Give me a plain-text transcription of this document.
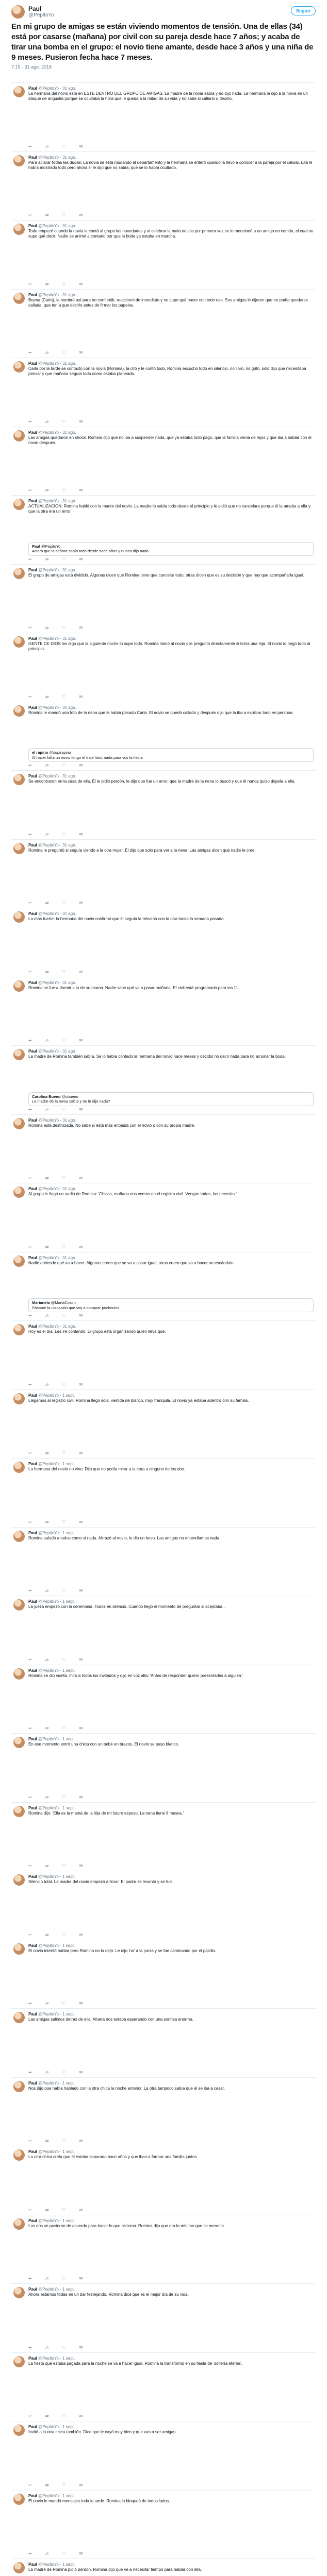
Paul
@PepitoYo
Seguir
En mi grupo de amigas se están viviendo momentos de tensión. Una de ellas (34) está por casarse (mañana) por civil con su pareja desde hace 7 años; y acaba de tirar una bomba en el grupo: el novio tiene amante, desde hace 3 años y una niña de 9 meses. Pusieron fecha hace 7 meses.
7:15 - 31 ago. 2018
Paul @PepitoYo · 31 ago.
La hermana del novio está en ESTE DENTRO DEL GRUPO DE AMIGAS. La madre de la novia sabía y no dijo nada. La hermana le dijo a la novia en un ataque de angustia porque se ocultaba la hora que le queda a la mitad de su vida y no sabe si callarlo o decirlo.
↩	⇄	♡	✉
Paul @PepitoYo · 31 ago.
Para aclarar todas las dudas: La novia se está mudando al departamento y la hermana se enteró cuando la llevó a conocer a la pareja por el celular. Ella le había mostrado todo pero ahora sí le dijo que no sabía, que se lo había ocultado.
↩	⇄	♡	✉
Paul @PepitoYo · 31 ago.
Todo empezó cuando la novia le contó al grupo las novedades y al celebrar la mala noticia por primera vez se lo mencionó a un amigo en común, el cual no supo qué decir. Nadie se animó a contarlo por que la boda ya estaba en marcha.
↩	⇄	♡	✉
Paul @PepitoYo · 31 ago.
Buena (Carla), la nombré así para no confundir, reaccionó de inmediato y no supo qué hacer con todo eso. Sus amigas le dijeron que no podía quedarse callada, que tenía que decirlo antes de firmar los papeles.
↩	⇄	♡	✉
Paul @PepitoYo · 31 ago.
Carla por la tarde se contactó con la novia (Romina), la citó y le contó todo. Romina escuchó todo en silencio, no lloró, no gritó, solo dijo que necesitaba pensar y que mañana seguía todo como estaba planeado.
↩	⇄	♡	✉
Paul @PepitoYo · 31 ago.
Las amigas quedaron en shock. Romina dijo que no iba a suspender nada, que ya estaba todo pago, que la familia venía de lejos y que iba a hablar con el novio después.
↩	⇄	♡	✉
Paul @PepitoYo · 31 ago.
ACTUALIZACIÓN: Romina habló con la madre del novio. La madre lo sabía todo desde el principio y le pidió que no cancelara porque él la amaba a ella y que la otra era un error.
Paul @PepitoYo
Aclaro que la señora sabía todo desde hace años y nunca dijo nada.
↩	⇄	♡	✉
Paul @PepitoYo · 31 ago.
El grupo de amigas está dividido. Algunas dicen que Romina tiene que cancelar todo, otras dicen que es su decisión y que hay que acompañarla igual.
↩	⇄	♡	✉
Paul @PepitoYo · 31 ago.
GENTE DE DIOS les digo que la siguiente noche lo supe todo. Romina llamó al novio y le preguntó directamente si tenía una hija. El novio lo negó todo al principio.
↩	⇄	♡	✉
Paul @PepitoYo · 31 ago.
Romina le mandó una foto de la nena que le había pasado Carla. El novio se quedó callado y después dijo que la iba a explicar todo en persona.
el rapino @supirapino
Al hacer falta un novio tengo el traje listo, nada para vos la fiesta
↩	⇄	♡	✉
Paul @PepitoYo · 31 ago.
Se encontraron en la casa de ella. Él le pidió perdón, le dijo que fue un error, que la madre de la nena lo buscó y que él nunca quiso dejarla a ella.
↩	⇄	♡	✉
Paul @PepitoYo · 31 ago.
Romina le preguntó si seguía viendo a la otra mujer. Él dijo que solo para ver a la nena. Las amigas dicen que nadie le cree.
↩	⇄	♡	✉
Paul @PepitoYo · 31 ago.
Lo más fuerte: la hermana del novio confirmó que él seguía la relación con la otra hasta la semana pasada.
↩	⇄	♡	✉
Paul @PepitoYo · 31 ago.
Romina se fue a dormir a lo de su mamá. Nadie sabe qué va a pasar mañana. El civil está programado para las 11.
↩	⇄	♡	✉
Paul @PepitoYo · 31 ago.
La madre de Romina también sabía. Se lo había contado la hermana del novio hace meses y decidió no decir nada para no arruinar la boda.
Carolina Bueno @cbueno
La madre de la novia sabía y no le dijo nada?
↩	⇄	♡	✉
Paul @PepitoYo · 31 ago.
Romina está destrozada. No sabe si está más enojada con el novio o con su propia madre.
↩	⇄	♡	✉
Paul @PepitoYo · 31 ago.
Al grupo le llegó un audio de Romina: 'Chicas, mañana nos vemos en el registro civil. Vengan todas, las necesito.'
↩	⇄	♡	✉
Paul @PepitoYo · 31 ago.
Nadie entiende qué va a hacer. Algunas creen que se va a casar igual, otras creen que va a hacer un escándalo.
Marianela @MariaCoach
Pásame la ubicación que voy a comprar pochoclos
↩	⇄	♡	✉
Paul @PepitoYo · 31 ago.
Hoy es el día. Les iré contando. El grupo está organizando quién lleva qué.
↩	⇄	♡	✉
Paul @PepitoYo · 1 sept.
Llegamos al registro civil. Romina llegó sola, vestida de blanco, muy tranquila. El novio ya estaba adentro con su familia.
↩	⇄	♡	✉
Paul @PepitoYo · 1 sept.
La hermana del novio no vino. Dijo que no podía mirar a la cara a ninguno de los dos.
↩	⇄	♡	✉
Paul @PepitoYo · 1 sept.
Romina saludó a todos como si nada. Abrazó al novio, le dio un beso. Las amigas no entendíamos nada.
↩	⇄	♡	✉
Paul @PepitoYo · 1 sept.
La jueza empezó con la ceremonia. Todos en silencio. Cuando llegó el momento de preguntar si aceptaba...
↩	⇄	♡	✉
Paul @PepitoYo · 1 sept.
Romina se dio vuelta, miró a todos los invitados y dijo en voz alta: 'Antes de responder quiero presentarles a alguien.'
↩	⇄	♡	✉
Paul @PepitoYo · 1 sept.
En ese momento entró una chica con un bebé en brazos. El novio se puso blanco.
↩	⇄	♡	✉
Paul @PepitoYo · 1 sept.
Romina dijo: 'Ella es la mamá de la hija de mi futuro esposo. La nena tiene 9 meses.'
↩	⇄	♡	✉
Paul @PepitoYo · 1 sept.
Silencio total. La madre del novio empezó a llorar. El padre se levantó y se fue.
↩	⇄	♡	✉
Paul @PepitoYo · 1 sept.
El novio intentó hablar pero Romina no lo dejó. Le dijo 'no' a la jueza y se fue caminando por el pasillo.
↩	⇄	♡	✉
Paul @PepitoYo · 1 sept.
Las amigas salimos detrás de ella. Afuera nos estaba esperando con una sonrisa enorme.
↩	⇄	♡	✉
Paul @PepitoYo · 1 sept.
Nos dijo que había hablado con la otra chica la noche anterior. La otra tampoco sabía que él se iba a casar.
↩	⇄	♡	✉
Paul @PepitoYo · 1 sept.
La otra chica creía que él estaba separado hace años y que iban a formar una familia juntos.
↩	⇄	♡	✉
Paul @PepitoYo · 1 sept.
Las dos se pusieron de acuerdo para hacer lo que hicieron. Romina dijo que era lo mínimo que se merecía.
↩	⇄	♡	✉
Paul @PepitoYo · 1 sept.
Ahora estamos todas en un bar festejando. Romina dice que es el mejor día de su vida.
↩	⇄	♡	✉
Paul @PepitoYo · 1 sept.
La fiesta que estaba pagada para la noche se va a hacer igual. Romina la transformó en su fiesta de 'soltería eterna'.
↩	⇄	♡	✉
Paul @PepitoYo · 1 sept.
Invitó a la otra chica también. Dice que le cayó muy bien y que van a ser amigas.
↩	⇄	♡	✉
Paul @PepitoYo · 1 sept.
El novio le mandó mensajes toda la tarde. Romina lo bloqueó de todos lados.
↩	⇄	♡	✉
Paul @PepitoYo · 1 sept.
La madre de Romina pidió perdón. Romina dijo que va a necesitar tiempo para hablar con ella.
